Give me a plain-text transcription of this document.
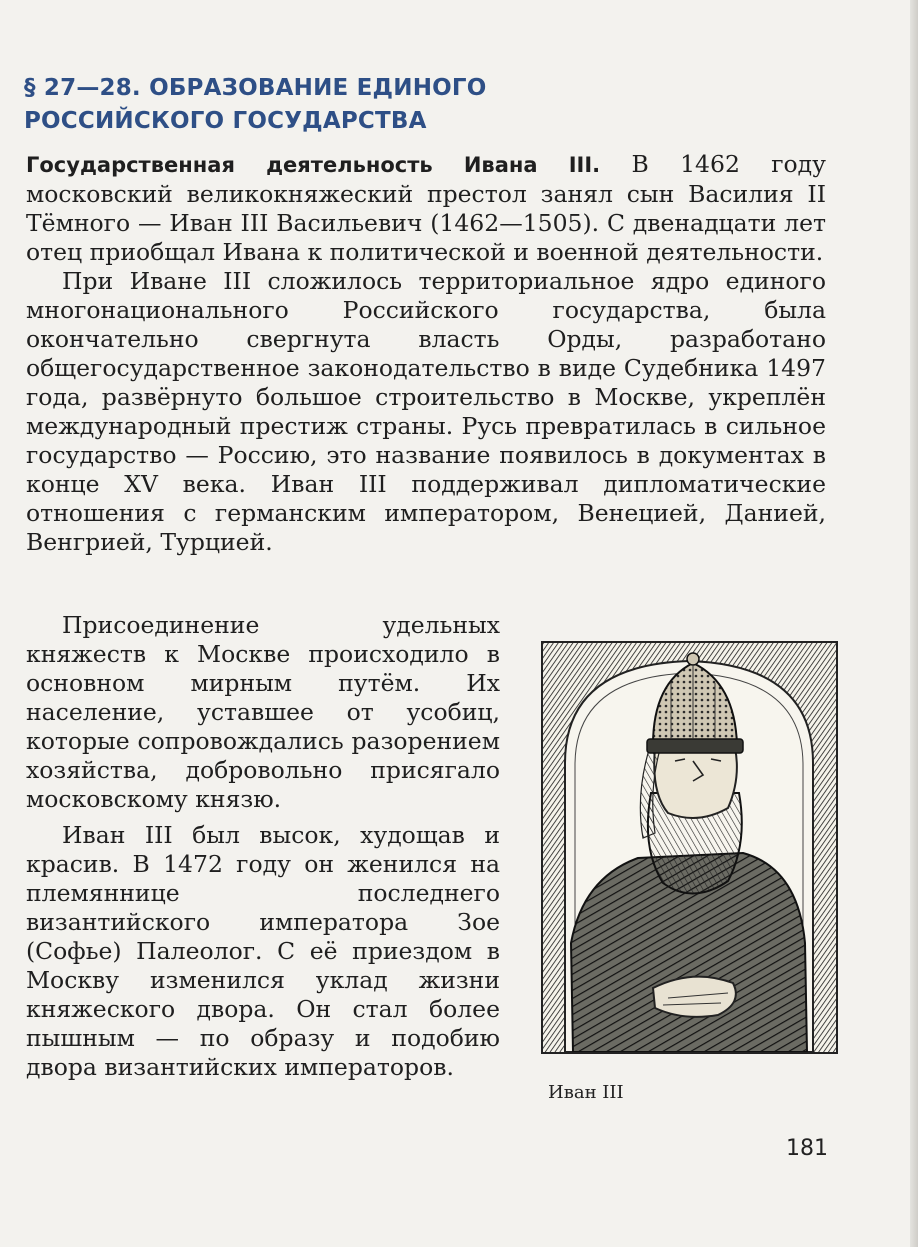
§ 27—28. ОБРАЗОВАНИЕ ЕДИНОГО
РОССИЙСКОГО ГОСУДАРСТВА

Государственная деятельность Ивана III. В 1462 году московский великокняжеский престол занял сын Василия II Тёмного — Иван III Васильевич (1462—1505). С двенадцати лет отец приобщал Ивана к политической и военной деятельности.

При Иване III сложилось территориальное ядро единого многонационального Российского государства, была окончательно свергнута власть Орды, разработано общегосударственное законодательство в виде Судебника 1497 года, развёрнуто большое строительство в Москве, укреплён международный престиж страны. Русь превратилась в сильное государство — Россию, это название появилось в документах в конце XV века. Иван III поддерживал дипломатические отношения с германским императором, Венецией, Данией, Венгрией, Турцией.

Присоединение удельных княжеств к Москве происходило в основном мирным путём. Их население, уставшее от усобиц, которые сопровождались разорением хозяйства, добровольно присягало московскому князю.

Иван III был высок, худощав и красив. В 1472 году он женился на племяннице последнего византийского императора Зое (Софье) Палеолог. С её приездом в Москву изменился уклад жизни княжеского двора. Он стал более пышным — по образу и подобию двора византийских императоров.

Иван III
181
